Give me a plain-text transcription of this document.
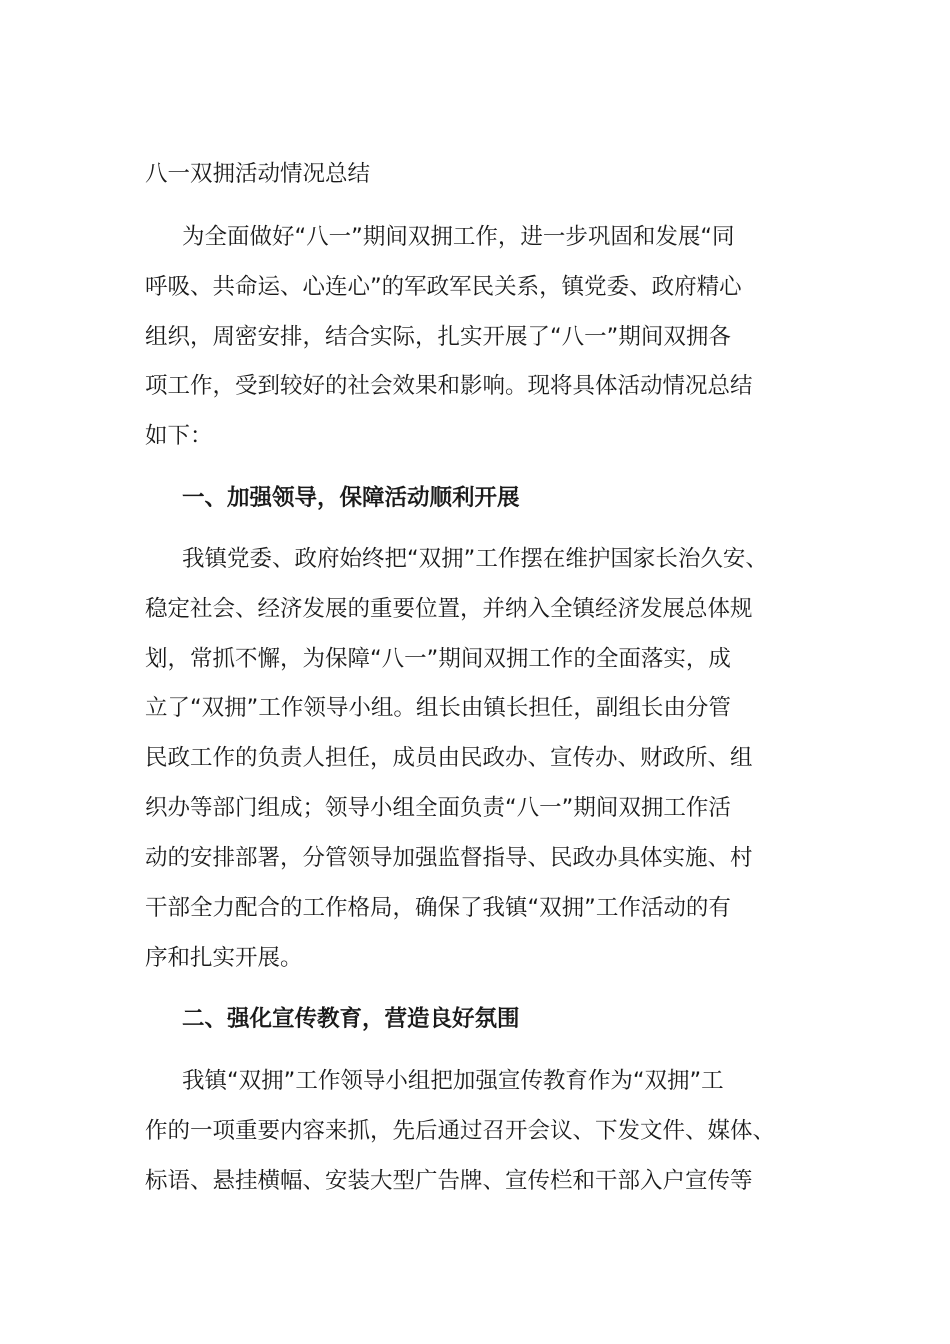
八一双拥活动情况总结
为全面做好“八一”期间双拥工作，进一步巩固和发展“同
呼吸、共命运、心连心”的军政军民关系，镇党委、政府精心
组织，周密安排，结合实际，扎实开展了“八一”期间双拥各
项工作，受到较好的社会效果和影响。现将具体活动情况总结
如下：
一、加强领导，保障活动顺利开展
我镇党委、政府始终把“双拥”工作摆在维护国家长治久安、
稳定社会、经济发展的重要位置，并纳入全镇经济发展总体规
划，常抓不懈，为保障“八一”期间双拥工作的全面落实，成
立了“双拥”工作领导小组。组长由镇长担任，副组长由分管
民政工作的负责人担任，成员由民政办、宣传办、财政所、组
织办等部门组成；领导小组全面负责“八一”期间双拥工作活
动的安排部署，分管领导加强监督指导、民政办具体实施、村
干部全力配合的工作格局，确保了我镇“双拥”工作活动的有
序和扎实开展。
二、强化宣传教育，营造良好氛围
我镇“双拥”工作领导小组把加强宣传教育作为“双拥”工
作的一项重要内容来抓，先后通过召开会议、下发文件、媒体、
标语、悬挂横幅、安装大型广告牌、宣传栏和干部入户宣传等
